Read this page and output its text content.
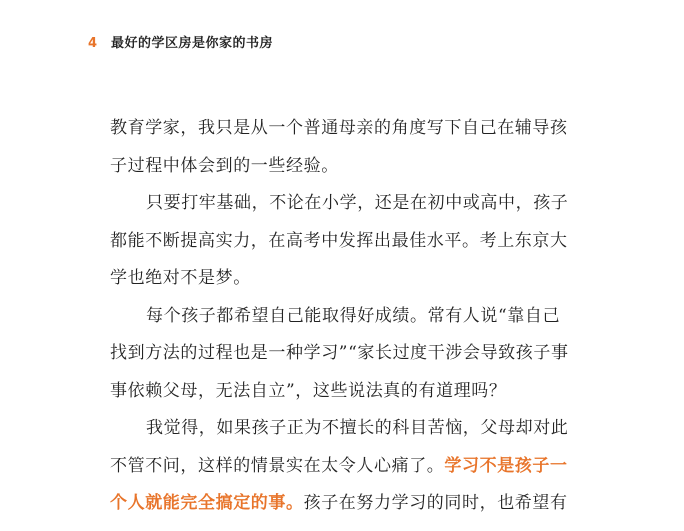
4 最好的学区房是你家的书房

教育学家，我只是从一个普通母亲的角度写下自己在辅导孩子过程中体会到的一些经验。

只要打牢基础，不论在小学，还是在初中或高中，孩子都能不断提高实力，在高考中发挥出最佳水平。考上东京大学也绝对不是梦。

每个孩子都希望自己能取得好成绩。常有人说“靠自己找到方法的过程也是一种学习”“家长过度干涉会导致孩子事事依赖父母，无法自立”，这些说法真的有道理吗？

我觉得，如果孩子正为不擅长的科目苦恼，父母却对此不管不问，这样的情景实在太令人心痛了。学习不是孩子一个人就能完全搞定的事。孩子在努力学习的同时，也希望有
